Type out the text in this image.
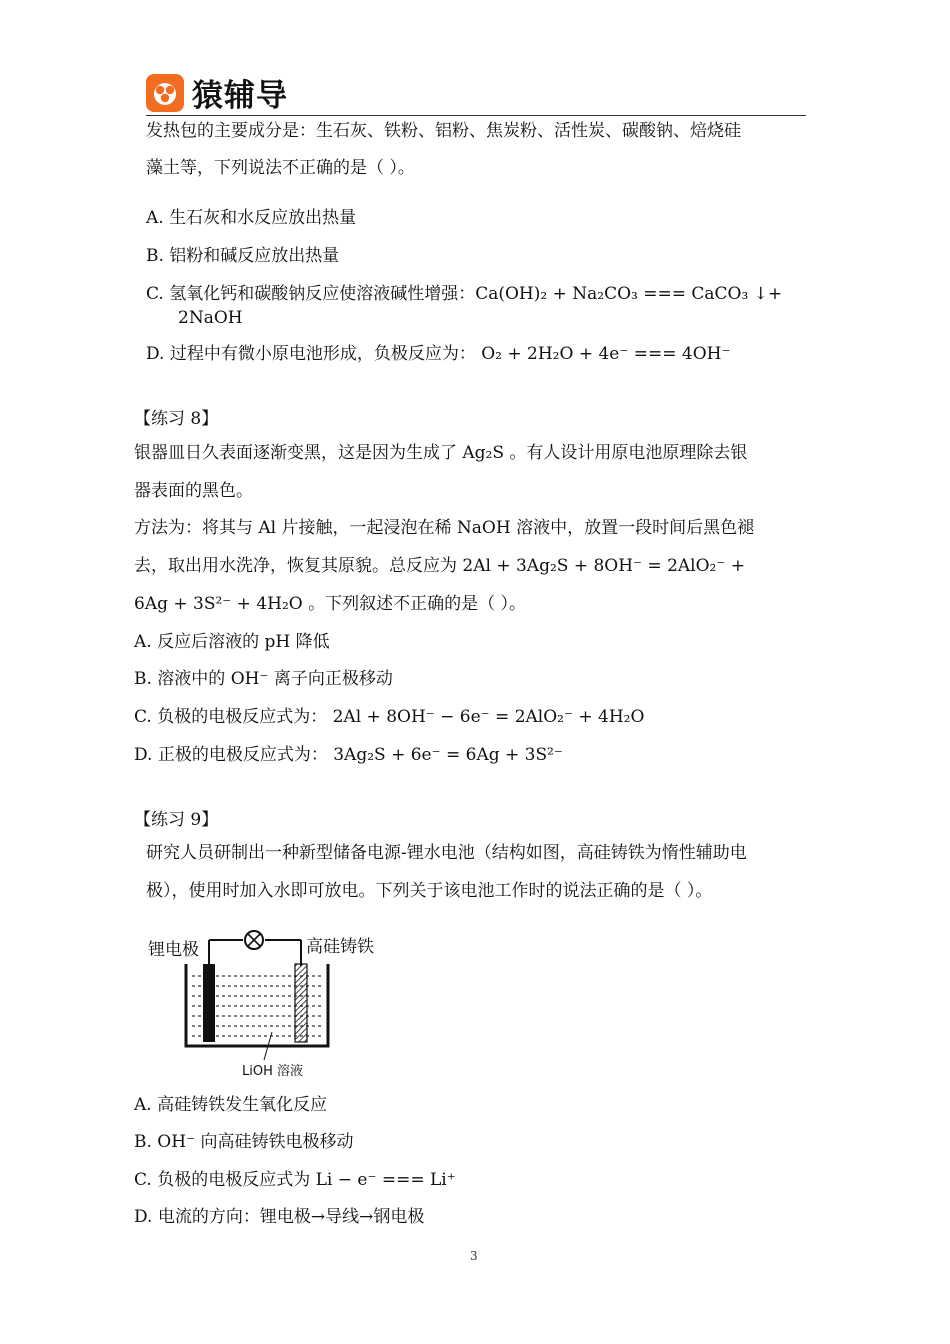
猿辅导
发热包的主要成分是：生石灰、铁粉、铝粉、焦炭粉、活性炭、碳酸钠、焙烧硅
藻土等，下列说法不正确的是（ ）。
A. 生石灰和水反应放出热量
B. 铝粉和碱反应放出热量
C. 氢氧化钙和碳酸钠反应使溶液碱性增强：Ca(OH)₂ + Na₂CO₃ === CaCO₃ ↓+
2NaOH
D. 过程中有微小原电池形成，负极反应为： O₂ + 2H₂O + 4e⁻ === 4OH⁻
【练习 8】
银器皿日久表面逐渐变黑，这是因为生成了 Ag₂S 。有人设计用原电池原理除去银
器表面的黑色。
方法为：将其与 Al 片接触，一起浸泡在稀 NaOH 溶液中，放置一段时间后黑色褪
去，取出用水洗净，恢复其原貌。总反应为 2Al + 3Ag₂S + 8OH⁻ = 2AlO₂⁻ +
6Ag + 3S²⁻ + 4H₂O 。下列叙述不正确的是（ ）。
A. 反应后溶液的 pH 降低
B. 溶液中的 OH⁻ 离子向正极移动
C. 负极的电极反应式为： 2Al + 8OH⁻ − 6e⁻ = 2AlO₂⁻ + 4H₂O
D. 正极的电极反应式为： 3Ag₂S + 6e⁻ = 6Ag + 3S²⁻
【练习 9】
研究人员研制出一种新型储备电源-锂水电池（结构如图，高硅铸铁为惰性辅助电
极），使用时加入水即可放电。下列关于该电池工作时的说法正确的是（ ）。
锂电极	高硅铸铁
LiOH 溶液
A. 高硅铸铁发生氧化反应
B. OH⁻ 向高硅铸铁电极移动
C. 负极的电极反应式为 Li − e⁻ === Li⁺
D. 电流的方向：锂电极→导线→钢电极
3
